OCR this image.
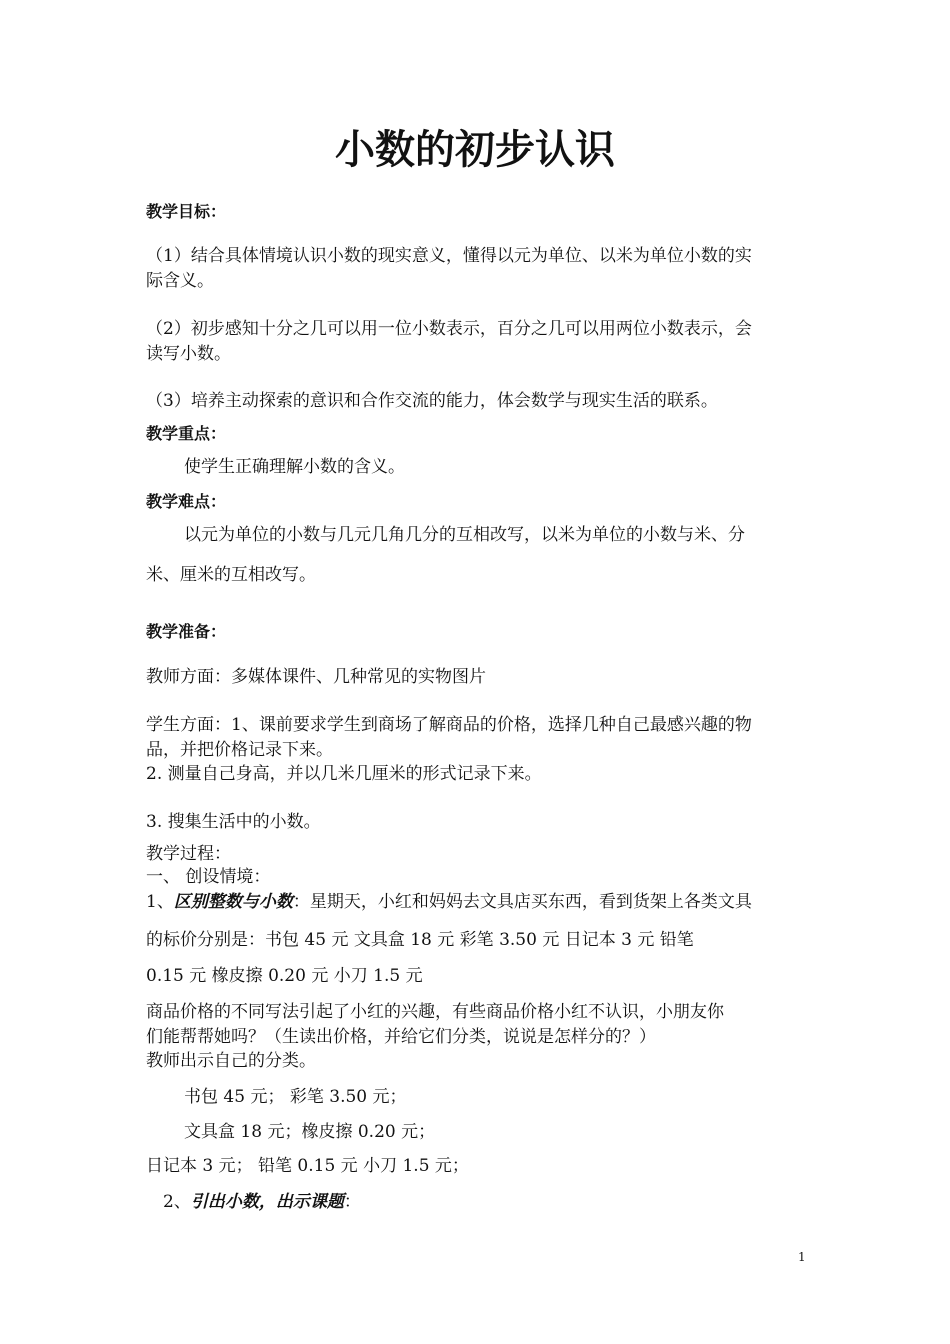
小数的初步认识
教学目标：
（1）结合具体情境认识小数的现实意义，懂得以元为单位、以米为单位小数的实
际含义。
（2）初步感知十分之几可以用一位小数表示，百分之几可以用两位小数表示，会
读写小数。
（3）培养主动探索的意识和合作交流的能力，体会数学与现实生活的联系。
教学重点：
使学生正确理解小数的含义。
教学难点：
以元为单位的小数与几元几角几分的互相改写，以米为单位的小数与米、分
米、厘米的互相改写。
教学准备：
教师方面：多媒体课件、几种常见的实物图片
学生方面：1、课前要求学生到商场了解商品的价格，选择几种自己最感兴趣的物
品，并把价格记录下来。
2. 测量自己身高，并以几米几厘米的形式记录下来。
3. 搜集生活中的小数。
教学过程：
一、 创设情境：
1、区别整数与小数：星期天，小红和妈妈去文具店买东西，看到货架上各类文具
的标价分别是：书包 45 元 文具盒 18 元 彩笔 3.50 元 日记本 3 元 铅笔
0.15 元 橡皮擦 0.20 元 小刀 1.5 元
商品价格的不同写法引起了小红的兴趣，有些商品价格小红不认识，小朋友你
们能帮帮她吗？（生读出价格，并给它们分类，说说是怎样分的？）
教师出示自己的分类。
书包 45 元； 彩笔 3.50 元；
文具盒 18 元；橡皮擦 0.20 元；
日记本 3 元； 铅笔 0.15 元 小刀 1.5 元；
2、引出小数，出示课题：
1
